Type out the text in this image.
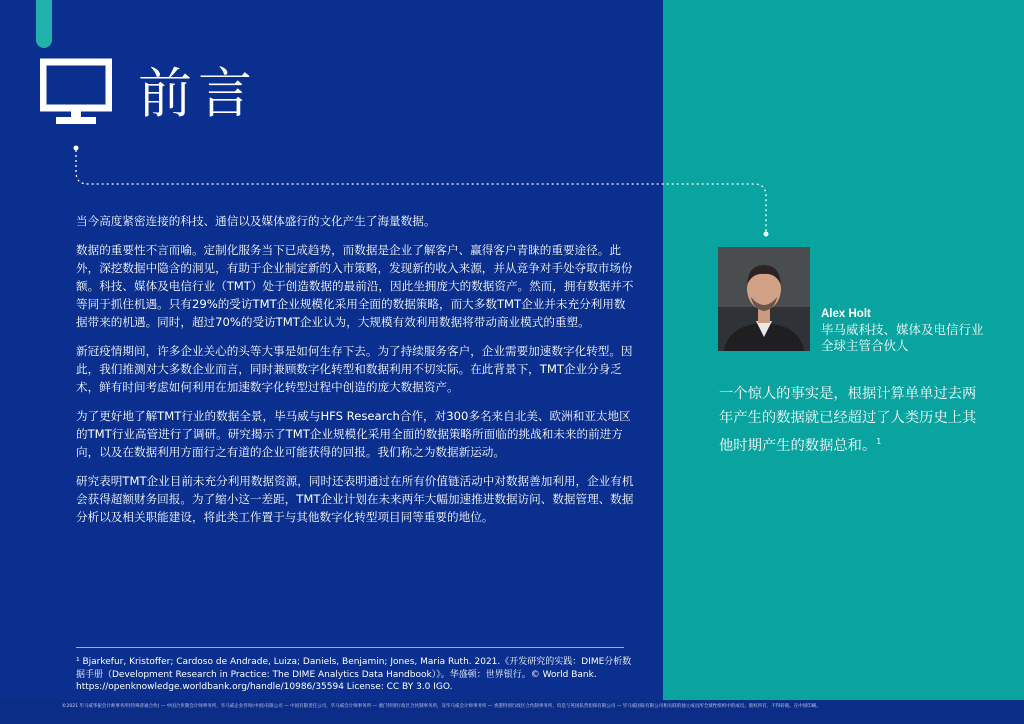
前言

当今高度紧密连接的科技、通信以及媒体盛行的文化产生了海量数据。

数据的重要性不言而喻。定制化服务当下已成趋势，而数据是企业了解客户、赢得客户青睐的重要途径。此外，深挖数据中隐含的洞见，有助于企业制定新的入市策略，发现新的收入来源，并从竞争对手处夺取市场份额。科技、媒体及电信行业（TMT）处于创造数据的最前沿，因此坐拥庞大的数据资产。然而，拥有数据并不等同于抓住机遇。只有29%的受访TMT企业规模化采用全面的数据策略，而大多数TMT企业并未充分利用数据带来的机遇。同时，超过70%的受访TMT企业认为，大规模有效利用数据将带动商业模式的重塑。

新冠疫情期间，许多企业关心的头等大事是如何生存下去。为了持续服务客户，企业需要加速数字化转型。因此，我们推测对大多数企业而言，同时兼顾数字化转型和数据利用不切实际。在此背景下，TMT企业分身乏术，鲜有时间考虑如何利用在加速数字化转型过程中创造的庞大数据资产。

为了更好地了解TMT行业的数据全景，毕马威与HFS Research合作，对300多名来自北美、欧洲和亚太地区的TMT行业高管进行了调研。研究揭示了TMT企业规模化采用全面的数据策略所面临的挑战和未来的前进方向，以及在数据利用方面行之有道的企业可能获得的回报。我们称之为数据新运动。

研究表明TMT企业目前未充分利用数据资源，同时还表明通过在所有价值链活动中对数据善加利用，企业有机会获得超额财务回报。为了缩小这一差距，TMT企业计划在未来两年大幅加速推进数据访问、数据管理、数据分析以及相关职能建设，将此类工作置于与其他数字化转型项目同等重要的地位。

Alex Holt
毕马威科技、媒体及电信行业全球主管合伙人
一个惊人的事实是，根据计算单单过去两年产生的数据就已经超过了人类历史上其他时期产生的数据总和。$^1$
¹ Bjarkefur, Kristoffer; Cardoso de Andrade, Luiza; Daniels, Benjamin; Jones, Maria Ruth. 2021.《开发研究的实践：DIME分析数据手册（Development Research in Practice: The DIME Analytics Data Handbook）》。华盛顿：世界银行。© World Bank.
https://openknowledge.worldbank.org/handle/10986/35594 License: CC BY 3.0 IGO.
©2021 毕马威华振会计师事务所(特殊普通合伙) — 中国合伙制会计师事务所，毕马威企业咨询(中国)有限公司 — 中国有限责任公司，毕马威会计师事务所 — 澳门特别行政区合伙制事务所，及毕马威会计师事务所 — 香港特别行政区合伙制事务所，均是与英国私营担保有限公司 — 毕马威国际有限公司相关联的独立成员所全球性组织中的成员。版权所有，不得转载。在中国印刷。
